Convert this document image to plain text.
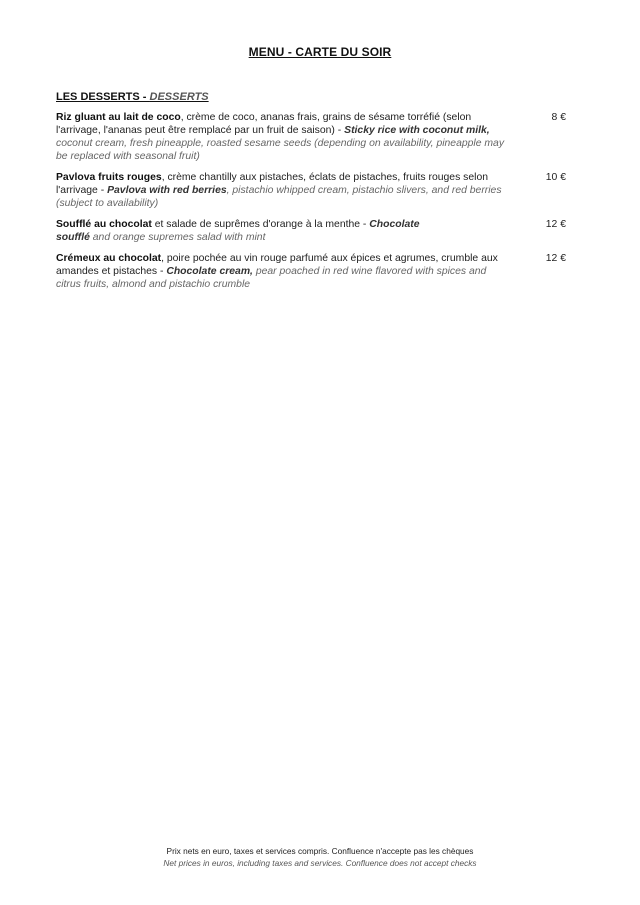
MENU - CARTE DU SOIR
LES DESSERTS - DESSERTS
Riz gluant au lait de coco, crème de coco, ananas frais, grains de sésame torréfié (selon l'arrivage, l'ananas peut être remplacé par un fruit de saison) - Sticky rice with coconut milk, coconut cream, fresh pineapple, roasted sesame seeds (depending on availability, pineapple may be replaced with seasonal fruit)
8 €
Pavlova fruits rouges, crème chantilly aux pistaches, éclats de pistaches, fruits rouges selon l'arrivage - Pavlova with red berries, pistachio whipped cream, pistachio slivers, and red berries (subject to availability)
10 €
Soufflé au chocolat et salade de suprêmes d'orange à la menthe - Chocolate soufflé and orange supremes salad with mint
12 €
Crémeux au chocolat, poire pochée au vin rouge parfumé aux épices et agrumes, crumble aux amandes et pistaches - Chocolate cream, pear poached in red wine flavored with spices and citrus fruits, almond and pistachio crumble
12 €
Prix nets en euro, taxes et services compris. Confluence n'accepte pas les chèques
Net prices in euros, including taxes and services. Confluence does not accept checks
